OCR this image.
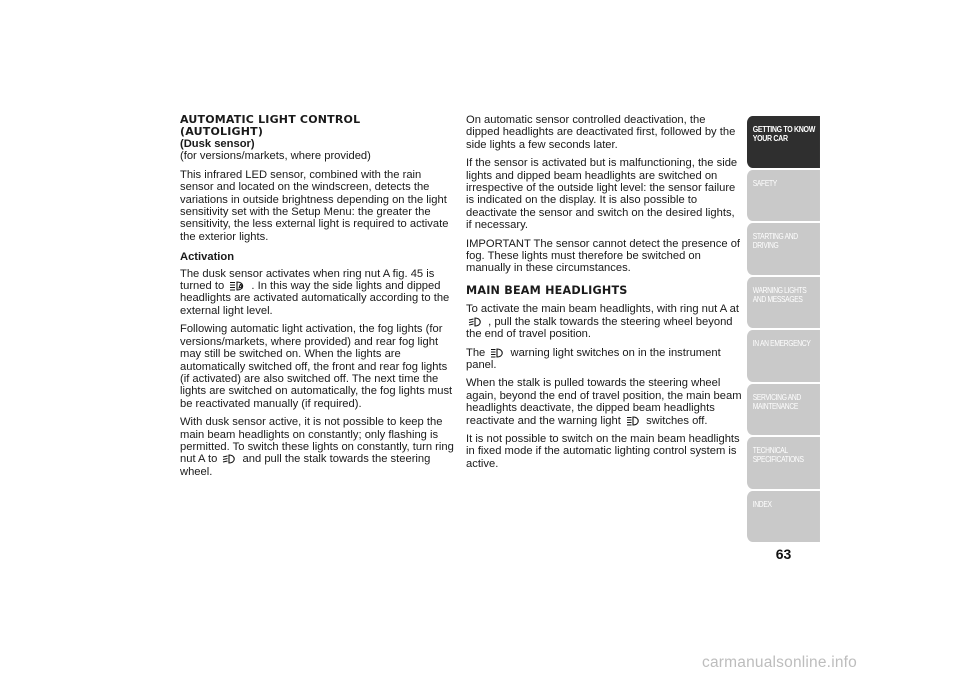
AUTOMATIC LIGHT CONTROL
(AUTOLIGHT)
(Dusk sensor)

(for versions/markets, where provided)

This infrared LED sensor, combined with the rain sensor and located on the windscreen, detects the variations in outside brightness depending on the light sensitivity set with the Setup Menu: the greater the sensitivity, the less external light is required to activate the exterior lights.

Activation

The dusk sensor activates when ring nut A fig. 45 is turned to A . In this way the side lights and dipped headlights are activated automatically according to the external light level.

Following automatic light activation, the fog lights (for versions/markets, where provided) and rear fog light may still be switched on. When the lights are automatically switched off, the front and rear fog lights (if activated) are also switched off. The next time the lights are switched on automatically, the fog lights must be reactivated manually (if required).

With dusk sensor active, it is not possible to keep the main beam headlights on constantly; only flashing is permitted. To switch these lights on constantly, turn ring nut A to and pull the stalk towards the steering wheel.

On automatic sensor controlled deactivation, the dipped headlights are deactivated first, followed by the side lights a few seconds later.

If the sensor is activated but is malfunctioning, the side lights and dipped beam headlights are switched on irrespective of the outside light level: the sensor failure is indicated on the display. It is also possible to deactivate the sensor and switch on the desired lights, if necessary.

IMPORTANT The sensor cannot detect the presence of fog. These lights must therefore be switched on manually in these circumstances.

MAIN BEAM HEADLIGHTS

To activate the main beam headlights, with ring nut A at
, pull the stalk towards the steering wheel beyond the end of travel position.

The warning light switches on in the instrument panel.

When the stalk is pulled towards the steering wheel again, beyond the end of travel position, the main beam headlights deactivate, the dipped beam headlights reactivate and the warning light switches off.

It is not possible to switch on the main beam headlights in fixed mode if the automatic lighting control system is active.

GETTING TO KNOW YOUR CAR
SAFETY
STARTING AND DRIVING
WARNING LIGHTS AND MESSAGES
IN AN EMERGENCY
SERVICING AND MAINTENANCE
TECHNICAL SPECIFICATIONS
INDEX
63
carmanualsonline.info
